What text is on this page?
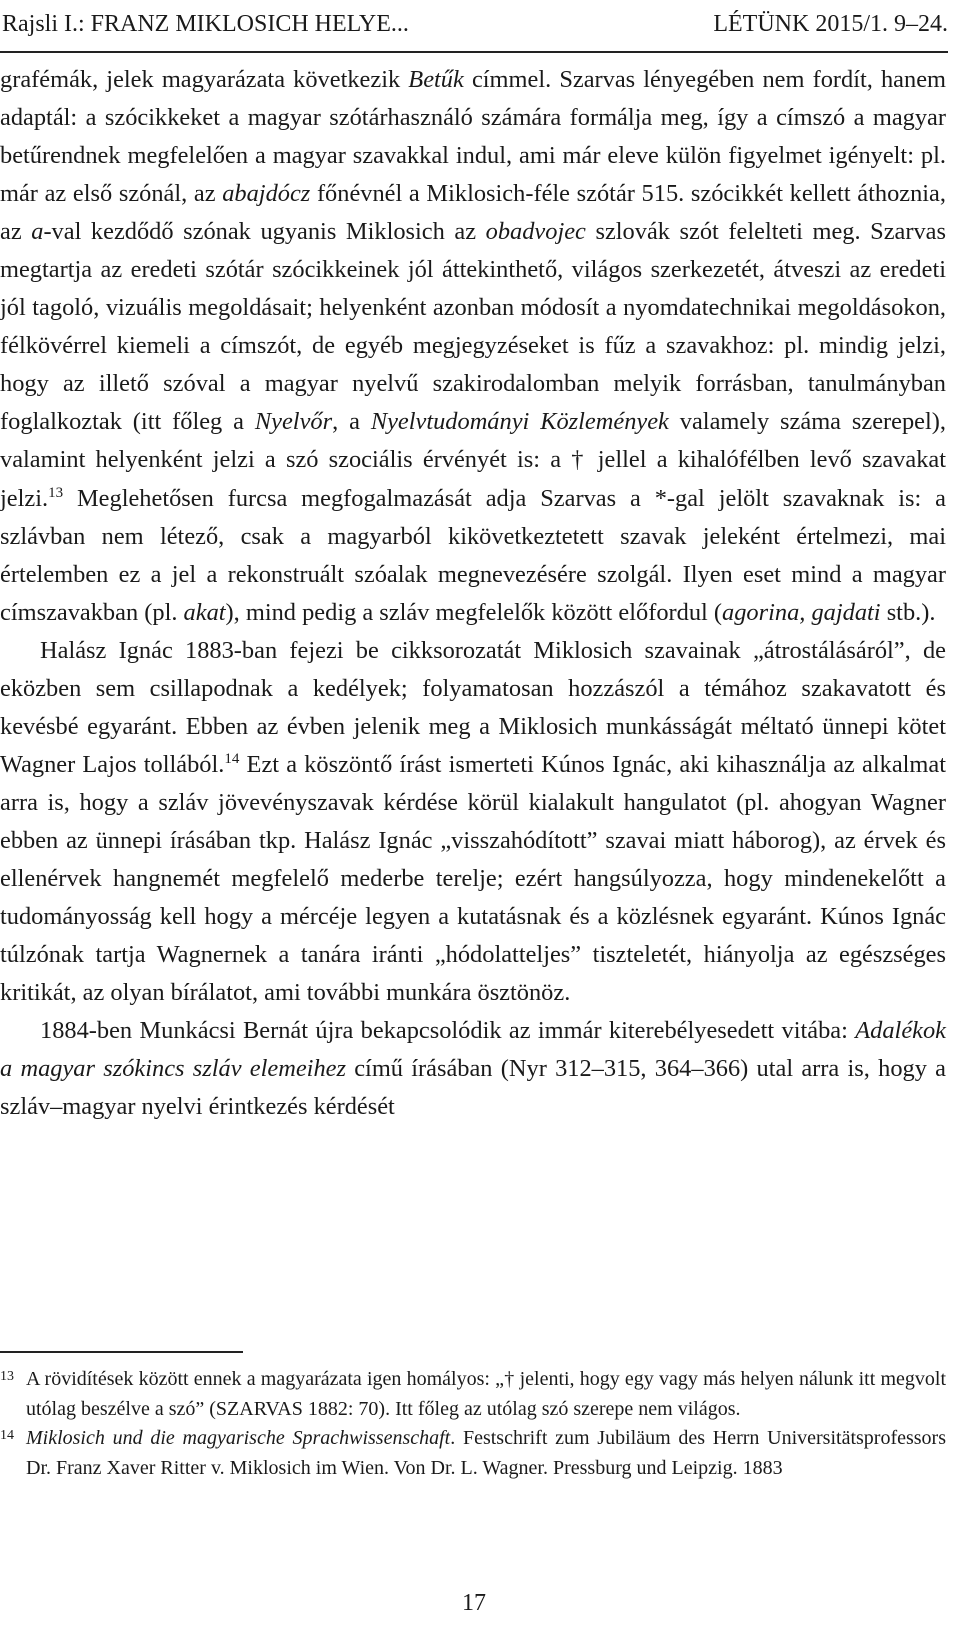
Rajsli I.: FRANZ MIKLOSICH HELYE...	LÉTÜNK 2015/1. 9–24.

grafémák, jelek magyarázata következik Betűk címmel. Szarvas lényegében nem fordít, hanem adaptál: a szócikkeket a magyar szótárhasználó számára formálja meg, így a címszó a magyar betűrendnek megfelelően a magyar szavakkal indul, ami már eleve külön figyelmet igényelt: pl. már az első szónál, az abajdócz főnévnél a Miklosich-féle szótár 515. szócikkét kellett áthoznia, az a-val kezdődő szónak ugyanis Miklosich az obadvojec szlovák szót felelteti meg. Szarvas megtartja az eredeti szótár szócikkeinek jól áttekinthető, világos szerkezetét, átveszi az eredeti jól tagoló, vizuális megoldásait; helyenként azonban módosít a nyomdatechnikai megoldásokon, félkövérrel kiemeli a címszót, de egyéb megjegyzéseket is fűz a szavakhoz: pl. mindig jelzi, hogy az illető szóval a magyar nyelvű szakirodalomban melyik forrásban, tanulmányban foglalkoztak (itt főleg a Nyelvőr, a Nyelvtudományi Közlemények valamely száma szerepel), valamint helyenként jelzi a szó szociális érvényét is: a † jellel a kihalófélben levő szavakat jelzi.$^{13}$ Meglehetősen furcsa megfogalmazását adja Szarvas a *-gal jelölt szavaknak is: a szlávban nem létező, csak a magyarból kikövetkeztetett szavak jeleként értelmezi, mai értelemben ez a jel a rekonstruált szóalak megnevezésére szolgál. Ilyen eset mind a magyar címszavakban (pl. akat), mind pedig a szláv megfelelők között előfordul (agorina, gajdati stb.).

Halász Ignác 1883-ban fejezi be cikksorozatát Miklosich szavainak „átrostálásáról”, de eközben sem csillapodnak a kedélyek; folyamatosan hozzászól a témához szakavatott és kevésbé egyaránt. Ebben az évben jelenik meg a Miklosich munkásságát méltató ünnepi kötet Wagner Lajos tollából.$^{14}$ Ezt a köszöntő írást ismerteti Kúnos Ignác, aki kihasználja az alkalmat arra is, hogy a szláv jövevényszavak kérdése körül kialakult hangulatot (pl. ahogyan Wagner ebben az ünnepi írásában tkp. Halász Ignác „visszahódított” szavai miatt háborog), az érvek és ellenérvek hangnemét megfelelő mederbe terelje; ezért hangsúlyozza, hogy mindenekelőtt a tudományosság kell hogy a mércéje legyen a kutatásnak és a közlésnek egyaránt. Kúnos Ignác túlzónak tartja Wagnernek a tanára iránti „hódolatteljes” tiszteletét, hiányolja az egészséges kritikát, az olyan bírálatot, ami további munkára ösztönöz.

1884-ben Munkácsi Bernát újra bekapcsolódik az immár kiterebélyesedett vitába: Adalékok a magyar szókincs szláv elemeihez című írásában (Nyr 312–315, 364–366) utal arra is, hogy a szláv–magyar nyelvi érintkezés kérdését

13 A rövidítések között ennek a magyarázata igen homályos: „† jelenti, hogy egy vagy más helyen nálunk itt megvolt utólag beszélve a szó” (SZARVAS 1882: 70). Itt főleg az utólag szó szerepe nem világos.
14 Miklosich und die magyarische Sprachwissenschaft. Festschrift zum Jubiläum des Herrn Universitätsprofessors Dr. Franz Xaver Ritter v. Miklosich im Wien. Von Dr. L. Wagner. Pressburg und Leipzig. 1883
17
